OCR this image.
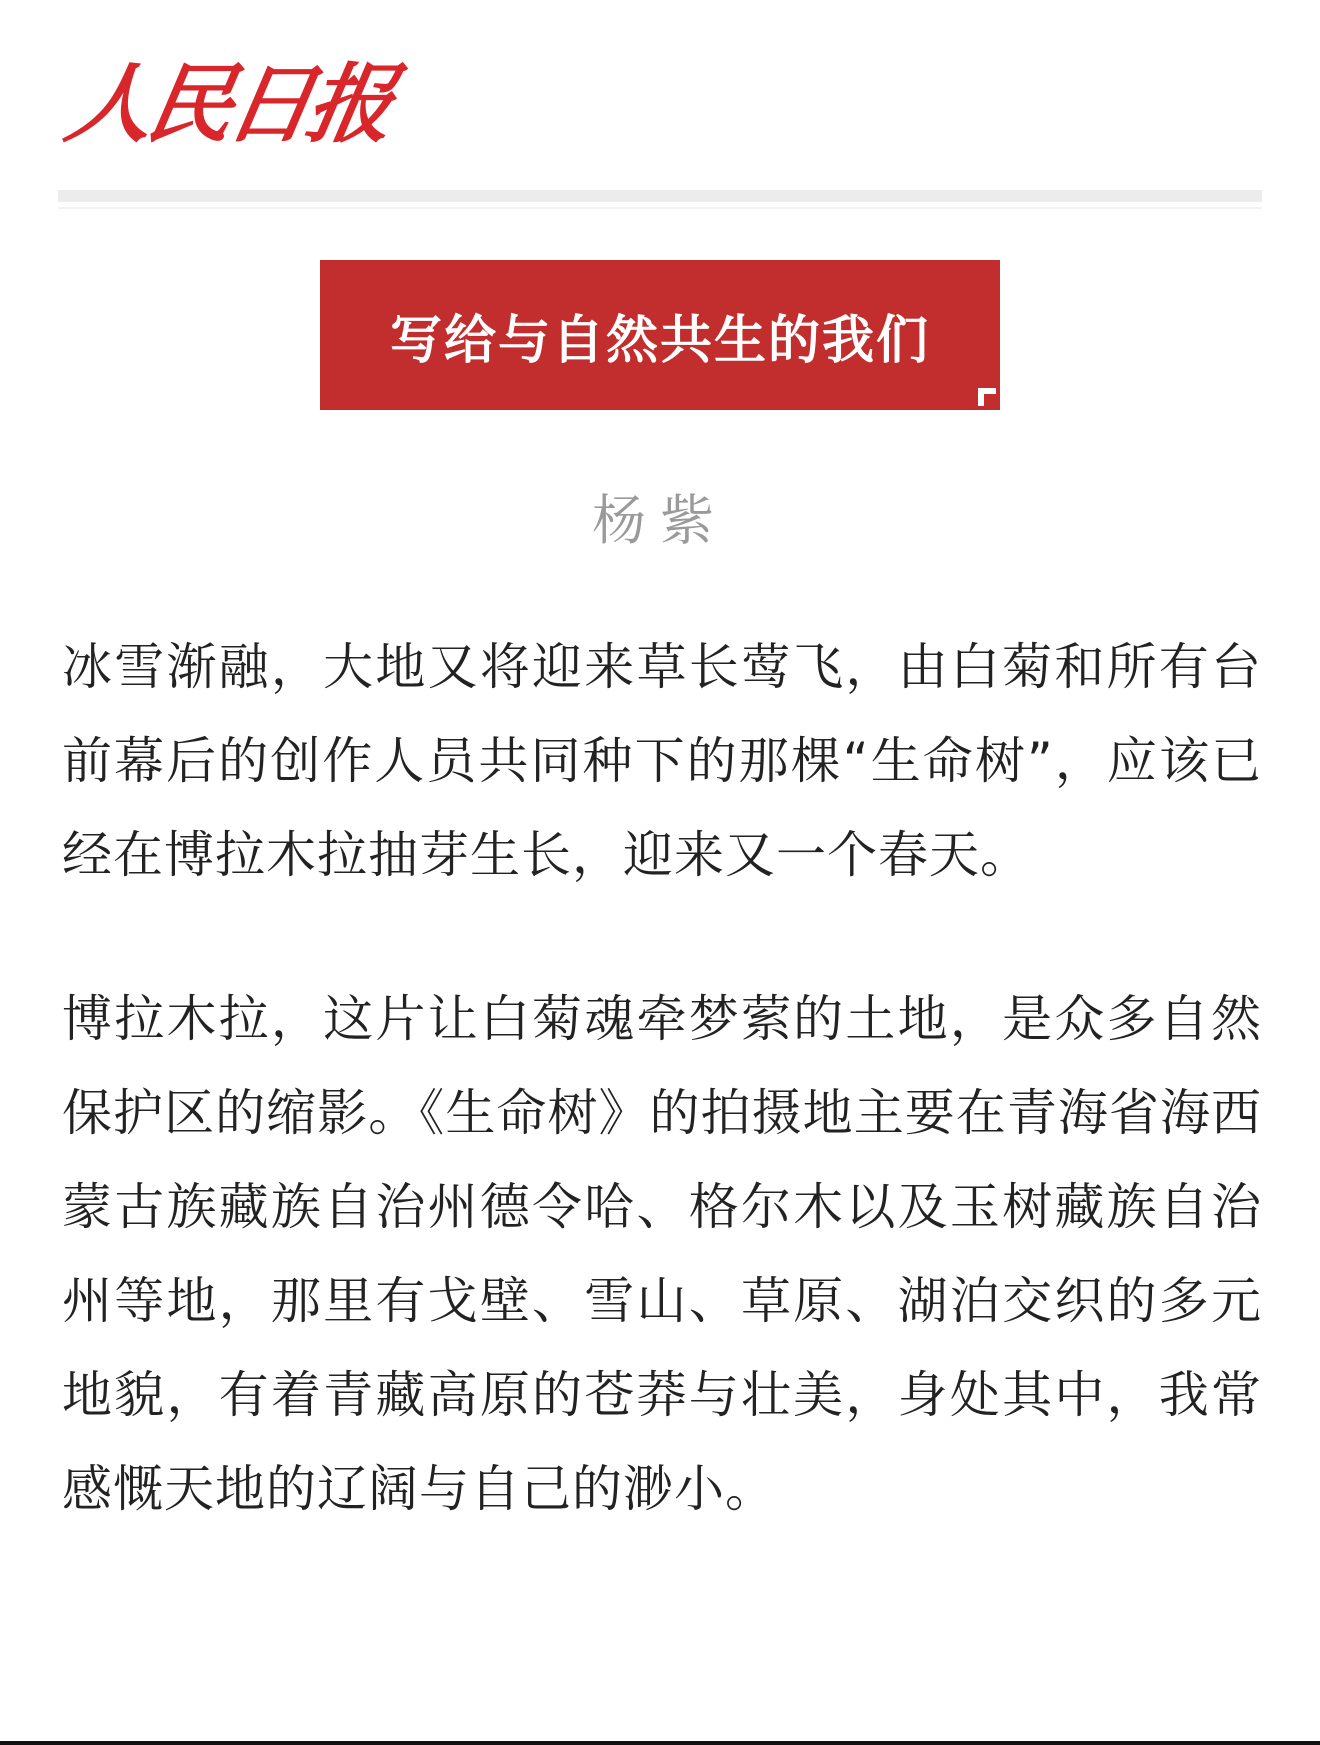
人民日报
写给与自然共生的我们
杨紫

冰雪渐融，大地又将迎来草长莺飞，由白菊和所有台前幕后的创作人员共同种下的那棵“生命树”，应该已经在博拉木拉抽芽生长，迎来又一个春天。

博拉木拉，这片让白菊魂牵梦萦的土地，是众多自然保护区的缩影。《生命树》的拍摄地主要在青海省海西蒙古族藏族自治州德令哈、格尔木以及玉树藏族自治州等地，那里有戈壁、雪山、草原、湖泊交织的多元地貌，有着青藏高原的苍莽与壮美，身处其中，我常感慨天地的辽阔与自己的渺小。
